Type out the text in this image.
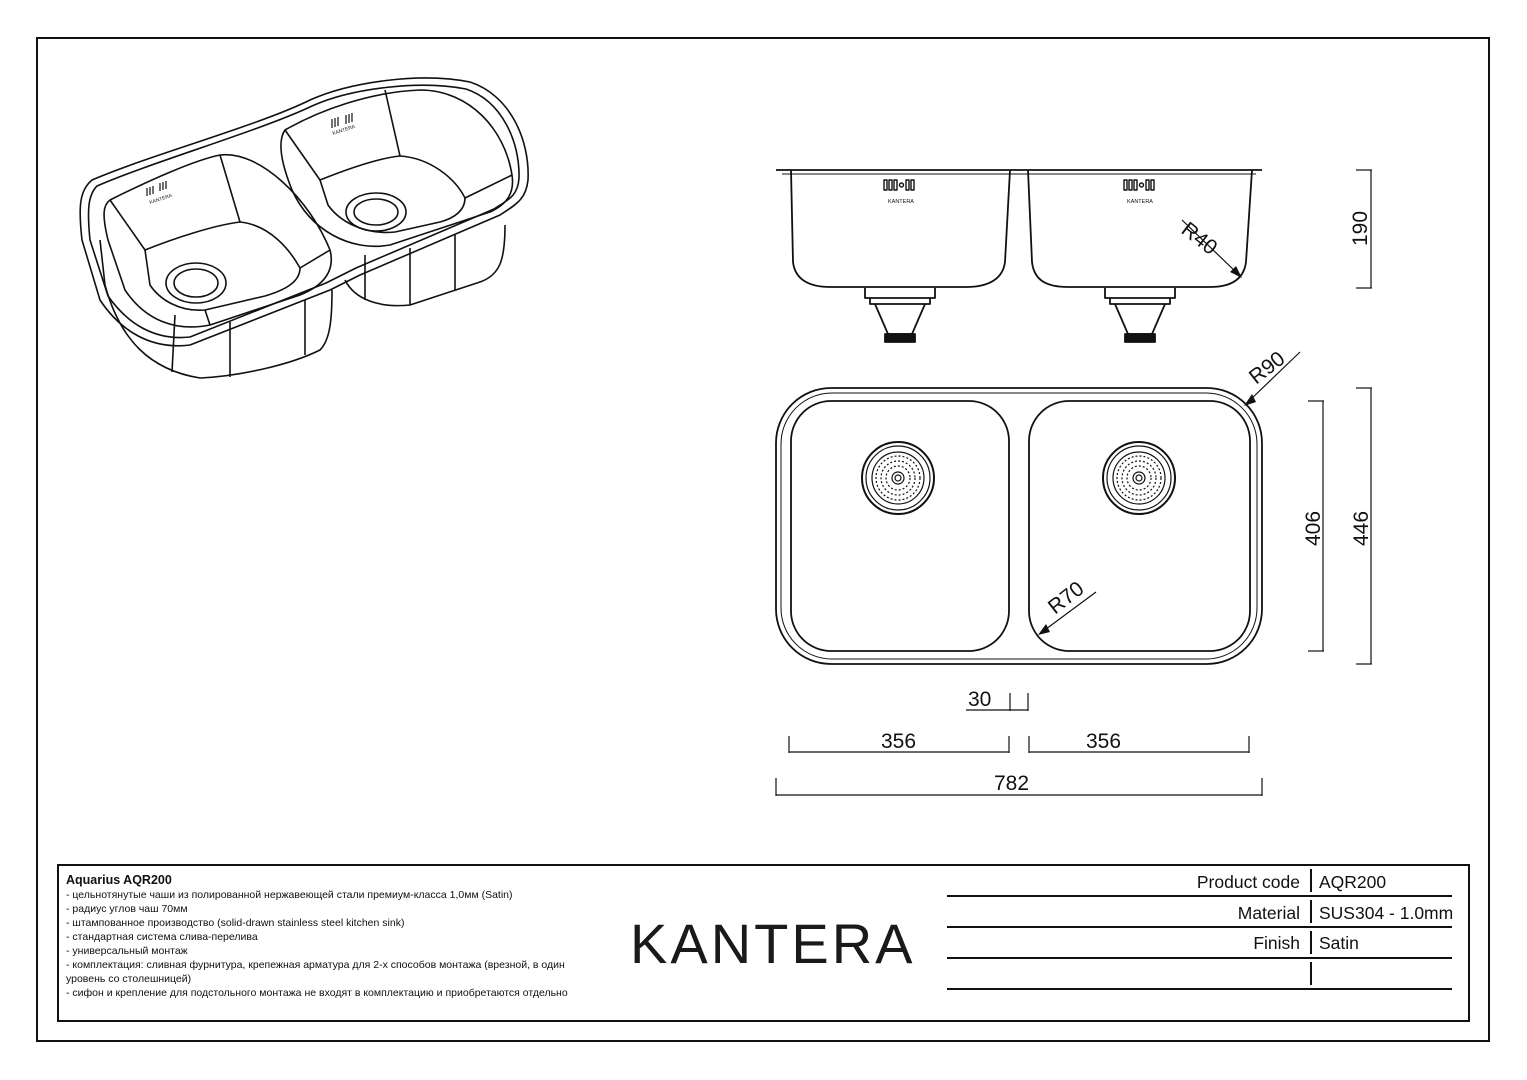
KANTERA
KANTERA
KANTERA	KANTERA
R40	190
R90
R70
406 446
30
356	356
782
Aquarius AQR200
- цельнотянутые чаши из полированной нержавеющей стали премиум-класса 1,0мм (Satin)
- радиус углов чаш 70мм
- штампованное производство (solid-drawn stainless steel kitchen sink)
- стандартная система слива-перелива
- универсальный монтаж
- комплектация: сливная фурнитура, крепежная арматура для 2-х способов монтажа (врезной, в один уровень со столешницей)
- сифон и крепление для подстольного монтажа не входят в комплектацию и приобретаются отдельно
KANTERA
Product code AQR200
Material SUS304 - 1.0mm
Finish Satin
